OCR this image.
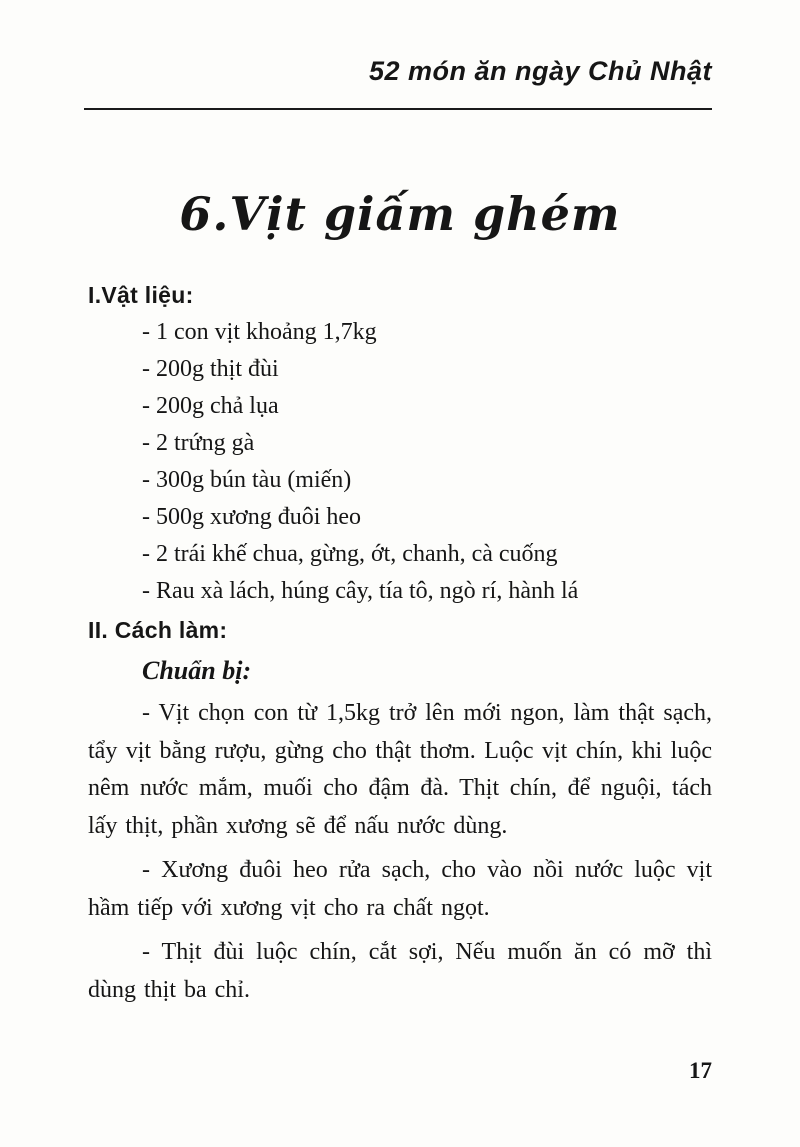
52 món ăn ngày Chủ Nhật
6.Vịt giấm ghém
I.Vật liệu:
- 1 con vịt khoảng 1,7kg
- 200g thịt đùi
- 200g chả lụa
- 2 trứng gà
- 300g bún tàu (miến)
- 500g xương đuôi heo
- 2 trái khế chua, gừng, ớt, chanh, cà cuống
- Rau xà lách, húng cây, tía tô, ngò rí, hành lá
II. Cách làm:
Chuẩn bị:

- Vịt chọn con từ 1,5kg trở lên mới ngon, làm thật sạch, tẩy vịt bằng rượu, gừng cho thật thơm. Luộc vịt chín, khi luộc nêm nước mắm, muối cho đậm đà. Thịt chín, để nguội, tách lấy thịt, phần xương sẽ để nấu nước dùng.

- Xương đuôi heo rửa sạch, cho vào nồi nước luộc vịt hầm tiếp với xương vịt cho ra chất ngọt.

- Thịt đùi luộc chín, cắt sợi, Nếu muốn ăn có mỡ thì dùng thịt ba chỉ.

17
